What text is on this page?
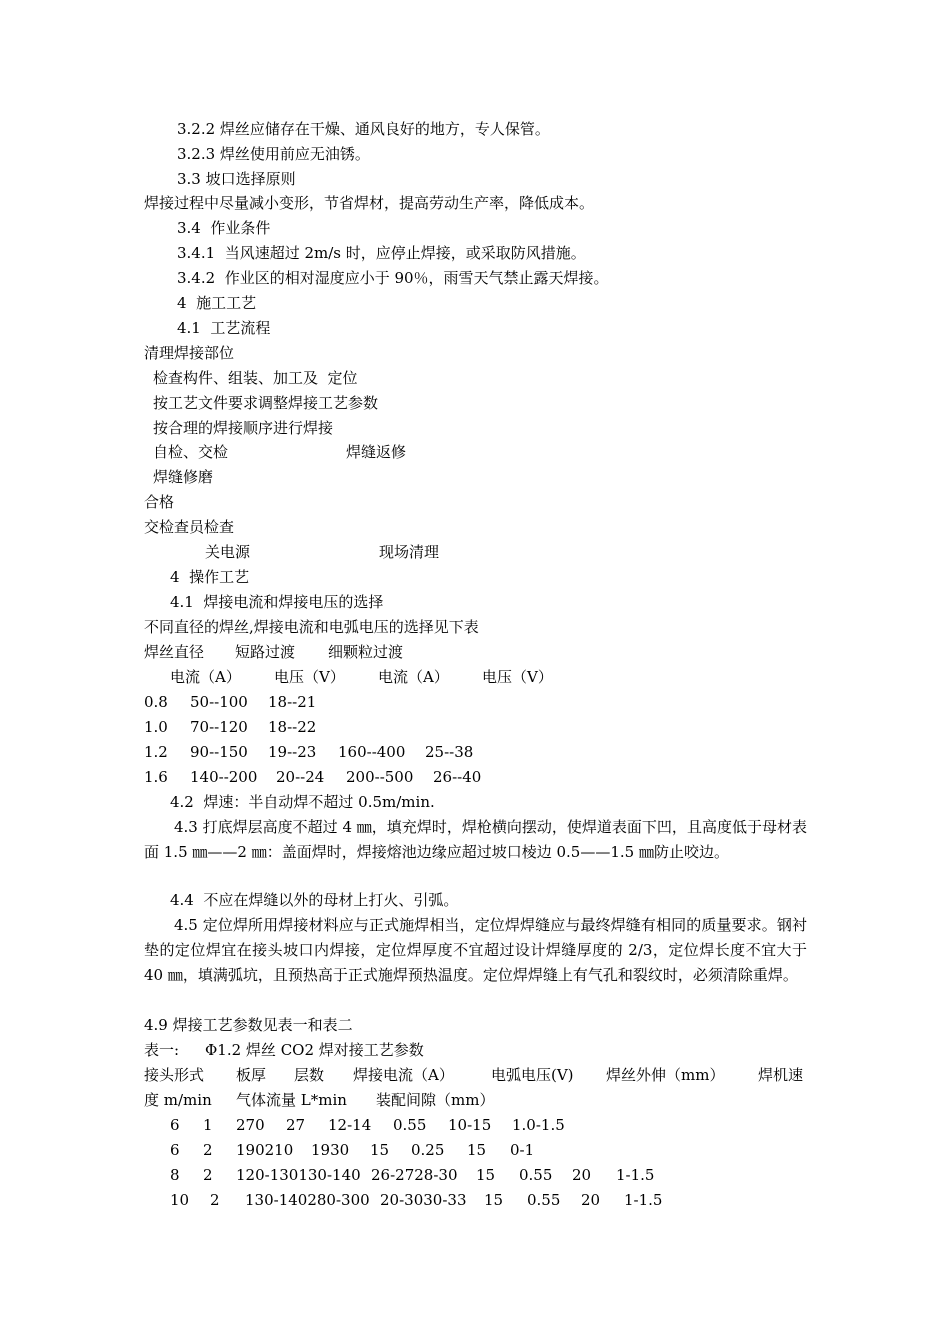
3.2.2 焊丝应储存在干燥、通风良好的地方，专人保管。
3.2.3 焊丝使用前应无油锈。
3.3 坡口选择原则
焊接过程中尽量减小变形，节省焊材，提高劳动生产率，降低成本。
3.4  作业条件
3.4.1  当风速超过 2m/s 时，应停止焊接，或采取防风措施。
3.4.2  作业区的相对湿度应小于 90％，雨雪天气禁止露天焊接。
4  施工工艺
4.1  工艺流程
清理焊接部位
检查构件、组装、加工及  定位
按工艺文件要求调整焊接工艺参数
按合理的焊接顺序进行焊接
自检、交检	焊缝返修
焊缝修磨
合格
交检查员检查
关电源	现场清理
4  操作工艺
4.1  焊接电流和焊接电压的选择
不同直径的焊丝,焊接电流和电弧电压的选择见下表
焊丝直径 短路过渡 细颗粒过渡
电流（A） 电压（V） 电流（A） 电压（V）
0.8 50--100 18--21
1.0 70--120 18--22
1.2 90--150 19--23 160--400 25--38
1.6 140--200 20--24 200--500 26--40
4.2  焊速：半自动焊不超过 0.5m/min.
4.3 打底焊层高度不超过 4 ㎜，填充焊时，焊枪横向摆动，使焊道表面下凹，且高度低于母材表面 1.5 ㎜——2 ㎜：盖面焊时，焊接熔池边缘应超过坡口棱边 0.5——1.5 ㎜防止咬边。
4.4  不应在焊缝以外的母材上打火、引弧。
4.5 定位焊所用焊接材料应与正式施焊相当，定位焊焊缝应与最终焊缝有相同的质量要求。钢衬垫的定位焊宜在接头坡口内焊接，定位焊厚度不宜超过设计焊缝厚度的 2/3，定位焊长度不宜大于 40 ㎜，填满弧坑，且预热高于正式施焊预热温度。定位焊焊缝上有气孔和裂纹时，必须清除重焊。
4.9 焊接工艺参数见表一和表二
表一: Φ1.2 焊丝 CO2 焊对接工艺参数
接头形式 板厚 层数 焊接电流（A） 电弧电压(V) 焊丝外伸（mm） 焊机速
度 m/min 气体流量 L*min 装配间隙（mm）
6 1 270 27 12-14 0.55 10-15 1.0-1.5
6 2 190210 1930 15 0.25 15 0-1
8 2 120-130130-140 26-2728-30 15 0.55 20 1-1.5
10 2 130-140280-300 20-3030-33 15 0.55 20 1-1.5
